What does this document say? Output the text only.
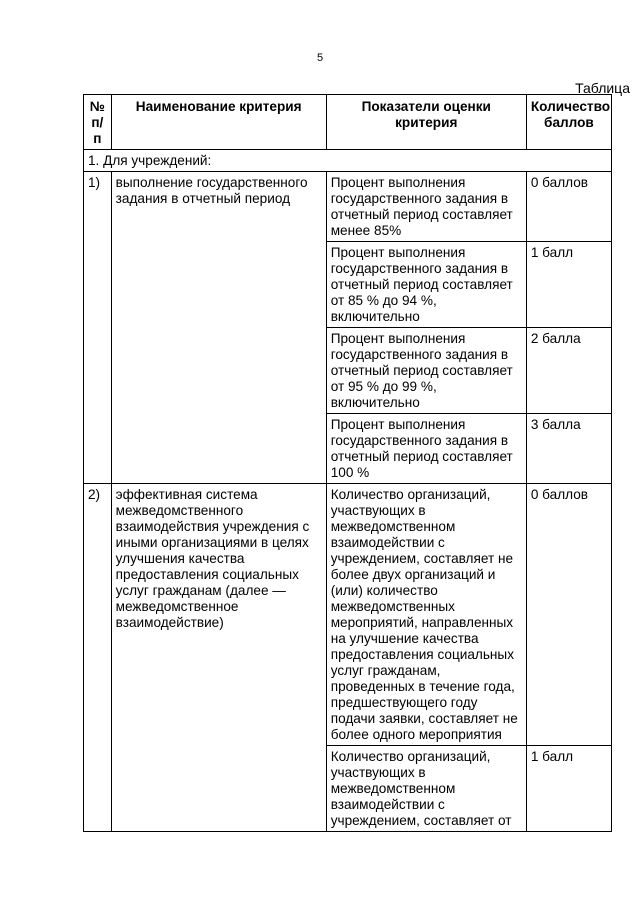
5
Таблица
№ п/п	Наименование критерия	Показатели оценки критерия	Количество баллов
1. Для учреждений:			
1)	выполнение государственного задания в отчетный период	Процент выполнения государственного задания в отчетный период составляет менее 85%	0 баллов
		Процент выполнения государственного задания в отчетный период составляет от 85 % до 94 %, включительно	1 балл
		Процент выполнения государственного задания в отчетный период составляет от 95 % до 99 %, включительно	2 балла
		Процент выполнения государственного задания в отчетный период составляет 100 %	3 балла
2)	эффективная система межведомственного взаимодействия учреждения с иными организациями в целях улучшения качества предоставления социальных услуг гражданам (далее — межведомственное взаимодействие)	Количество организаций, участвующих в межведомственном взаимодействии с учреждением, составляет не более двух организаций и (или) количество межведомственных мероприятий, направленных на улучшение качества предоставления социальных услуг гражданам, проведенных в течение года, предшествующего году подачи заявки, составляет не более одного мероприятия	0 баллов
		Количество организаций, участвующих в межведомственном взаимодействии с учреждением, составляет от	1 балл
